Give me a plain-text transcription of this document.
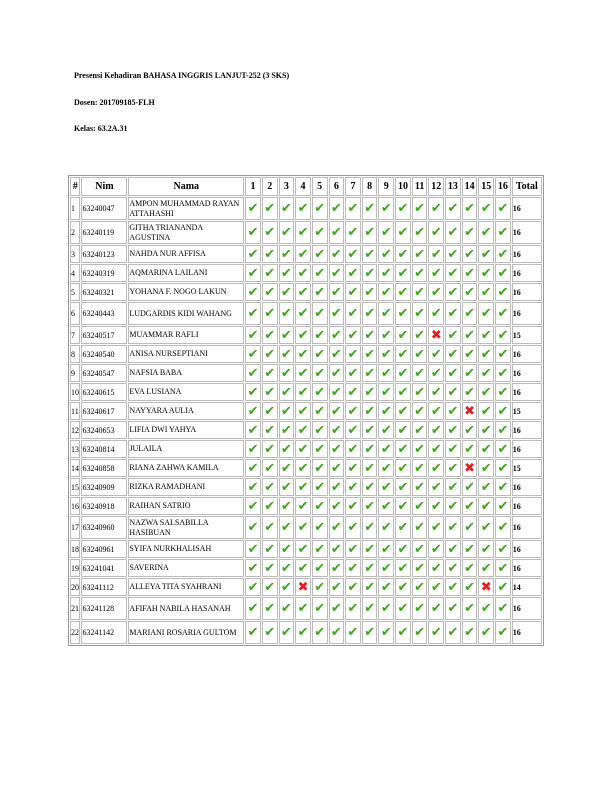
Presensi Kehadiran BAHASA INGGRIS LANJUT-252 (3 SKS)
Dosen: 201709185-FLH
Kelas: 63.2A.31
#	Nim	Nama	1	2	3	4	5	6	7	8	9	10	11	12	13	14	15	16	Total
1	63240047	AMPON MUHAMMAD RAYAN ATTAHASHI	✔	✔	✔	✔	✔	✔	✔	✔	✔	✔	✔	✔	✔	✔	✔	✔	16
2	63240119	GITHA TRIANANDA AGUSTINA	✔	✔	✔	✔	✔	✔	✔	✔	✔	✔	✔	✔	✔	✔	✔	✔	16
3	63240123	NAHDA NUR AFFISA	✔	✔	✔	✔	✔	✔	✔	✔	✔	✔	✔	✔	✔	✔	✔	✔	16
4	63240319	AQMARINA LAILANI	✔	✔	✔	✔	✔	✔	✔	✔	✔	✔	✔	✔	✔	✔	✔	✔	16
5	63240321	YOHANA F. NOGO LAKUN	✔	✔	✔	✔	✔	✔	✔	✔	✔	✔	✔	✔	✔	✔	✔	✔	16
6	63240443	LUDGARDIS KIDI WAHANG	✔	✔	✔	✔	✔	✔	✔	✔	✔	✔	✔	✔	✔	✔	✔	✔	16
7	63240517	MUAMMAR RAFLI	✔	✔	✔	✔	✔	✔	✔	✔	✔	✔	✔	✖	✔	✔	✔	✔	15
8	63240540	ANISA NURSEPTIANI	✔	✔	✔	✔	✔	✔	✔	✔	✔	✔	✔	✔	✔	✔	✔	✔	16
9	63240547	NAFSIA BABA	✔	✔	✔	✔	✔	✔	✔	✔	✔	✔	✔	✔	✔	✔	✔	✔	16
10	63240615	EVA LUSIANA	✔	✔	✔	✔	✔	✔	✔	✔	✔	✔	✔	✔	✔	✔	✔	✔	16
11	63240617	NAYYARA AULIA	✔	✔	✔	✔	✔	✔	✔	✔	✔	✔	✔	✔	✔	✖	✔	✔	15
12	63240653	LIFIA DWI YAHYA	✔	✔	✔	✔	✔	✔	✔	✔	✔	✔	✔	✔	✔	✔	✔	✔	16
13	63240814	JULAILA	✔	✔	✔	✔	✔	✔	✔	✔	✔	✔	✔	✔	✔	✔	✔	✔	16
14	63240858	RIANA ZAHWA KAMILA	✔	✔	✔	✔	✔	✔	✔	✔	✔	✔	✔	✔	✔	✖	✔	✔	15
15	63240909	RIZKA RAMADHANI	✔	✔	✔	✔	✔	✔	✔	✔	✔	✔	✔	✔	✔	✔	✔	✔	16
16	63240918	RAIHAN SATRIO	✔	✔	✔	✔	✔	✔	✔	✔	✔	✔	✔	✔	✔	✔	✔	✔	16
17	63240960	NAZWA SALSABILLA HASIBUAN	✔	✔	✔	✔	✔	✔	✔	✔	✔	✔	✔	✔	✔	✔	✔	✔	16
18	63240961	SYIFA NURKHALISAH	✔	✔	✔	✔	✔	✔	✔	✔	✔	✔	✔	✔	✔	✔	✔	✔	16
19	63241041	SAVERINA	✔	✔	✔	✔	✔	✔	✔	✔	✔	✔	✔	✔	✔	✔	✔	✔	16
20	63241112	ALLEYA TITA SYAHRANI	✔	✔	✔	✖	✔	✔	✔	✔	✔	✔	✔	✔	✔	✔	✖	✔	14
21	63241128	AFIFAH NABILA HASANAH	✔	✔	✔	✔	✔	✔	✔	✔	✔	✔	✔	✔	✔	✔	✔	✔	16
22	63241142	MARIANI ROSARIA GULTOM	✔	✔	✔	✔	✔	✔	✔	✔	✔	✔	✔	✔	✔	✔	✔	✔	16
